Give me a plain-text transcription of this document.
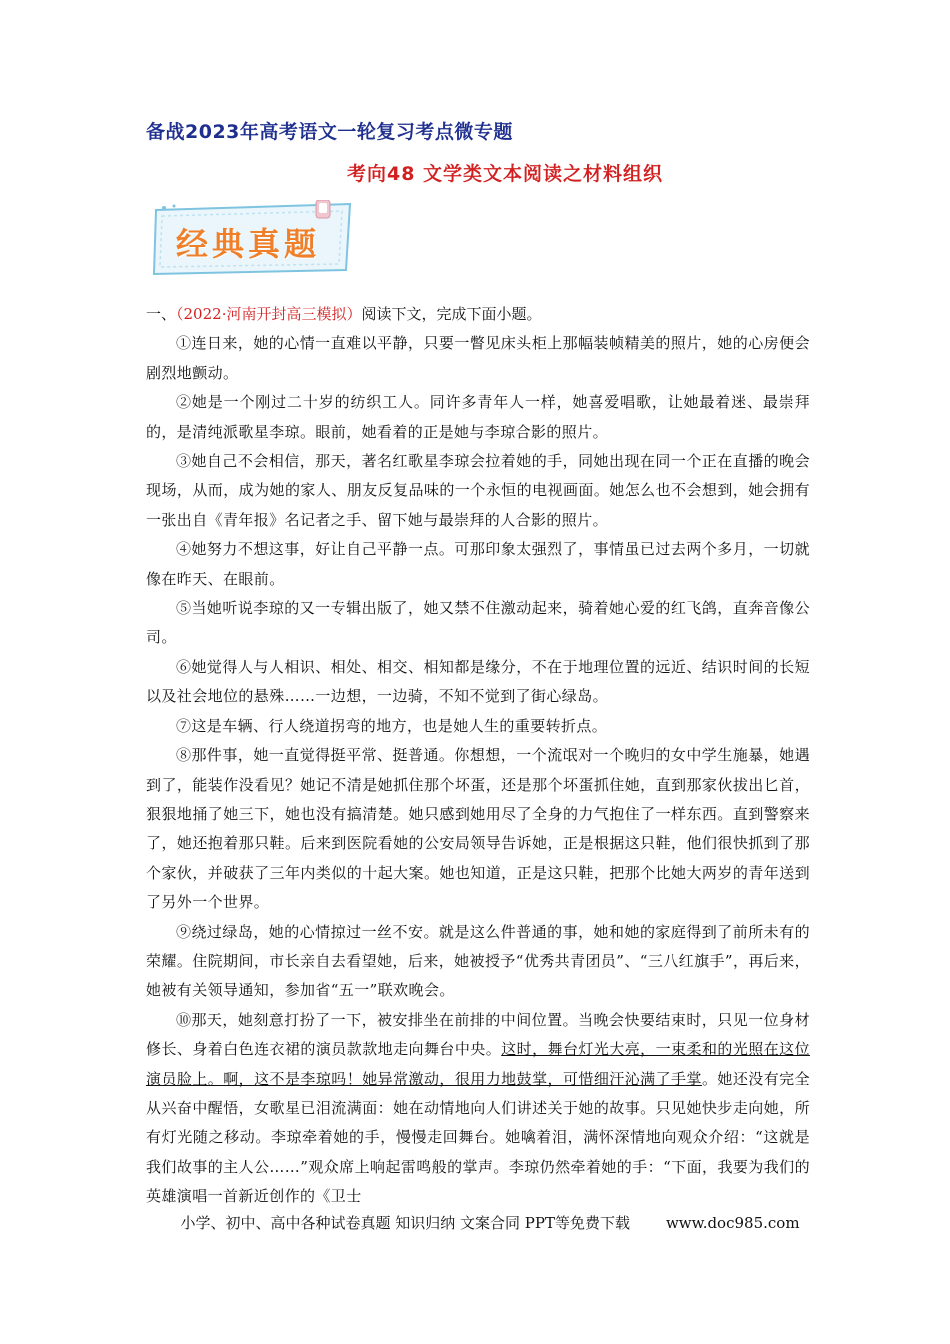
备战2023年高考语文一轮复习考点微专题
考向48 文学类文本阅读之材料组织
经典真题

一、（2022·河南开封高三模拟）阅读下文，完成下面小题。

①连日来，她的心情一直难以平静，只要一瞥见床头柜上那幅装帧精美的照片，她的心房便会剧烈地颤动。

②她是一个刚过二十岁的纺织工人。同许多青年人一样，她喜爱唱歌，让她最着迷、最崇拜的，是清纯派歌星李琼。眼前，她看着的正是她与李琼合影的照片。

③她自己不会相信，那天，著名红歌星李琼会拉着她的手，同她出现在同一个正在直播的晚会现场，从而，成为她的家人、朋友反复品味的一个永恒的电视画面。她怎么也不会想到，她会拥有一张出自《青年报》名记者之手、留下她与最崇拜的人合影的照片。

④她努力不想这事，好让自己平静一点。可那印象太强烈了，事情虽已过去两个多月，一切就像在昨天、在眼前。

⑤当她听说李琼的又一专辑出版了，她又禁不住激动起来，骑着她心爱的红飞鸽，直奔音像公司。

⑥她觉得人与人相识、相处、相交、相知都是缘分，不在于地理位置的远近、结识时间的长短以及社会地位的悬殊……一边想，一边骑，不知不觉到了街心绿岛。

⑦这是车辆、行人绕道拐弯的地方，也是她人生的重要转折点。

⑧那件事，她一直觉得挺平常、挺普通。你想想，一个流氓对一个晚归的女中学生施暴，她遇到了，能装作没看见？她记不清是她抓住那个坏蛋，还是那个坏蛋抓住她，直到那家伙拔出匕首，狠狠地捅了她三下，她也没有搞清楚。她只感到她用尽了全身的力气抱住了一样东西。直到警察来了，她还抱着那只鞋。后来到医院看她的公安局领导告诉她，正是根据这只鞋，他们很快抓到了那个家伙，并破获了三年内类似的十起大案。她也知道，正是这只鞋，把那个比她大两岁的青年送到了另外一个世界。

⑨绕过绿岛，她的心情掠过一丝不安。就是这么件普通的事，她和她的家庭得到了前所未有的荣耀。住院期间，市长亲自去看望她，后来，她被授予“优秀共青团员”、“三八红旗手”，再后来，她被有关领导通知，参加省“五一”联欢晚会。

⑩那天，她刻意打扮了一下，被安排坐在前排的中间位置。当晚会快要结束时，只见一位身材修长、身着白色连衣裙的演员款款地走向舞台中央。这时，舞台灯光大亮，一束柔和的光照在这位演员脸上。啊，这不是李琼吗！她异常激动，很用力地鼓掌，可惜细汗沁满了手掌。她还没有完全从兴奋中醒悟，女歌星已泪流满面：她在动情地向人们讲述关于她的故事。只见她快步走向她，所有灯光随之移动。李琼牵着她的手，慢慢走回舞台。她噙着泪，满怀深情地向观众介绍：“这就是我们故事的主人公……”观众席上响起雷鸣般的掌声。李琼仍然牵着她的手：“下面，我要为我们的英雄演唱一首新近创作的《卫士

小学、初中、高中各种试卷真题 知识归纳 文案合同 PPT等免费下载 www.doc985.com
